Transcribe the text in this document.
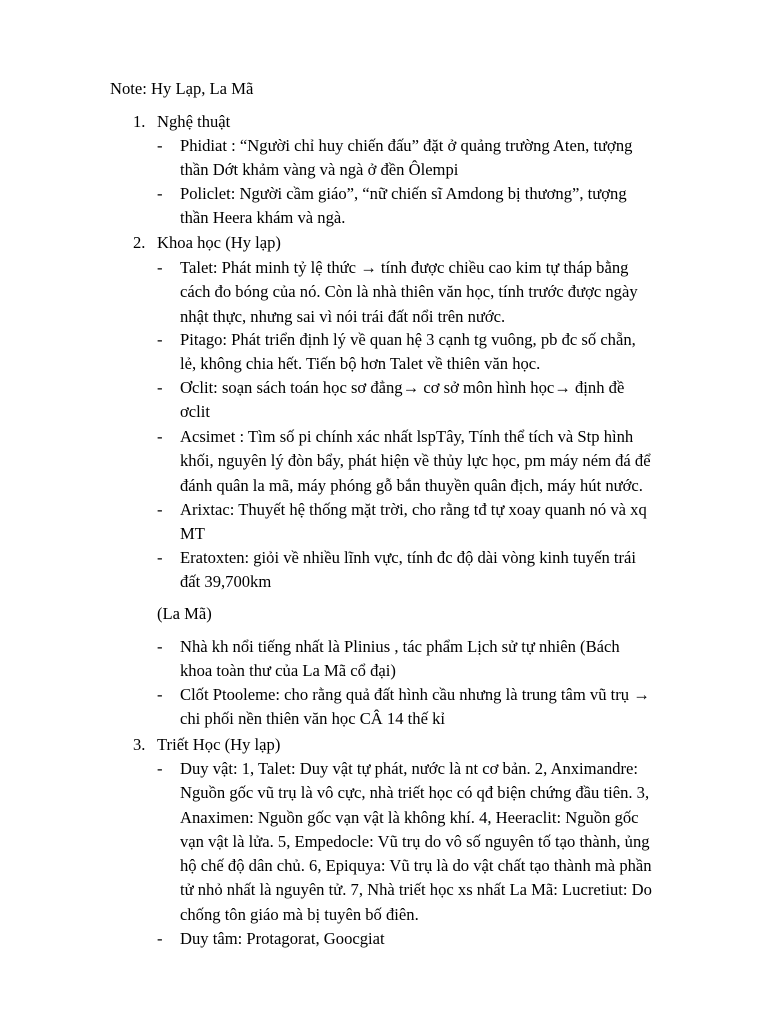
Note: Hy Lạp, La Mã
1. Nghệ thuật
- Phidiat : “Người chỉ huy chiến đấu” đặt ở quảng trường Aten, tượng
thần Dớt khảm vàng và ngà ở đền Ôlempi
- Policlet: Người cầm giáo”, “nữ chiến sĩ Amdong bị thương”, tượng
thần Heera khám và ngà.
2. Khoa học (Hy lạp)
- Talet: Phát minh tỷ lệ thức → tính được chiều cao kim tự tháp bằng
cách đo bóng của nó. Còn là nhà thiên văn học, tính trước được ngày
nhật thực, nhưng sai vì nói trái đất nổi trên nước.
- Pitago: Phát triển định lý về quan hệ 3 cạnh tg vuông, pb đc số chẵn,
lẻ, không chia hết. Tiến bộ hơn Talet về thiên văn học.
- Ơclit: soạn sách toán học sơ đẳng→ cơ sở môn hình học→ định đề
ơclit
- Acsimet : Tìm số pi chính xác nhất lspTây, Tính thể tích và Stp hình
khối, nguyên lý đòn bẩy, phát hiện về thủy lực học, pm máy ném đá để
đánh quân la mã, máy phóng gỗ bắn thuyền quân địch, máy hút nước.
- Arixtac: Thuyết hệ thống mặt trời, cho rằng tđ tự xoay quanh nó và xq
MT
- Eratoxten: giỏi về nhiều lĩnh vực, tính đc độ dài vòng kinh tuyến trái
đất 39,700km
(La Mã)
- Nhà kh nổi tiếng nhất là Plinius , tác phẩm Lịch sử tự nhiên (Bách
khoa toàn thư của La Mã cổ đại)
- Clốt Ptooleme: cho rằng quả đất hình cầu nhưng là trung tâm vũ trụ →
chi phối nền thiên văn học CÂ 14 thế kỉ
3. Triết Học (Hy lạp)
- Duy vật: 1, Talet: Duy vật tự phát, nước là nt cơ bản. 2, Anximandre:
Nguồn gốc vũ trụ là vô cực, nhà triết học có qđ biện chứng đầu tiên. 3,
Anaximen: Nguồn gốc vạn vật là không khí. 4, Heeraclit: Nguồn gốc
vạn vật là lửa. 5, Empedocle: Vũ trụ do vô số nguyên tố tạo thành, ủng
hộ chế độ dân chủ. 6, Epiquya: Vũ trụ là do vật chất tạo thành mà phần
tử nhỏ nhất là nguyên tử. 7, Nhà triết học xs nhất La Mã: Lucretiut: Do
chống tôn giáo mà bị tuyên bố điên.
- Duy tâm: Protagorat, Goocgiat
